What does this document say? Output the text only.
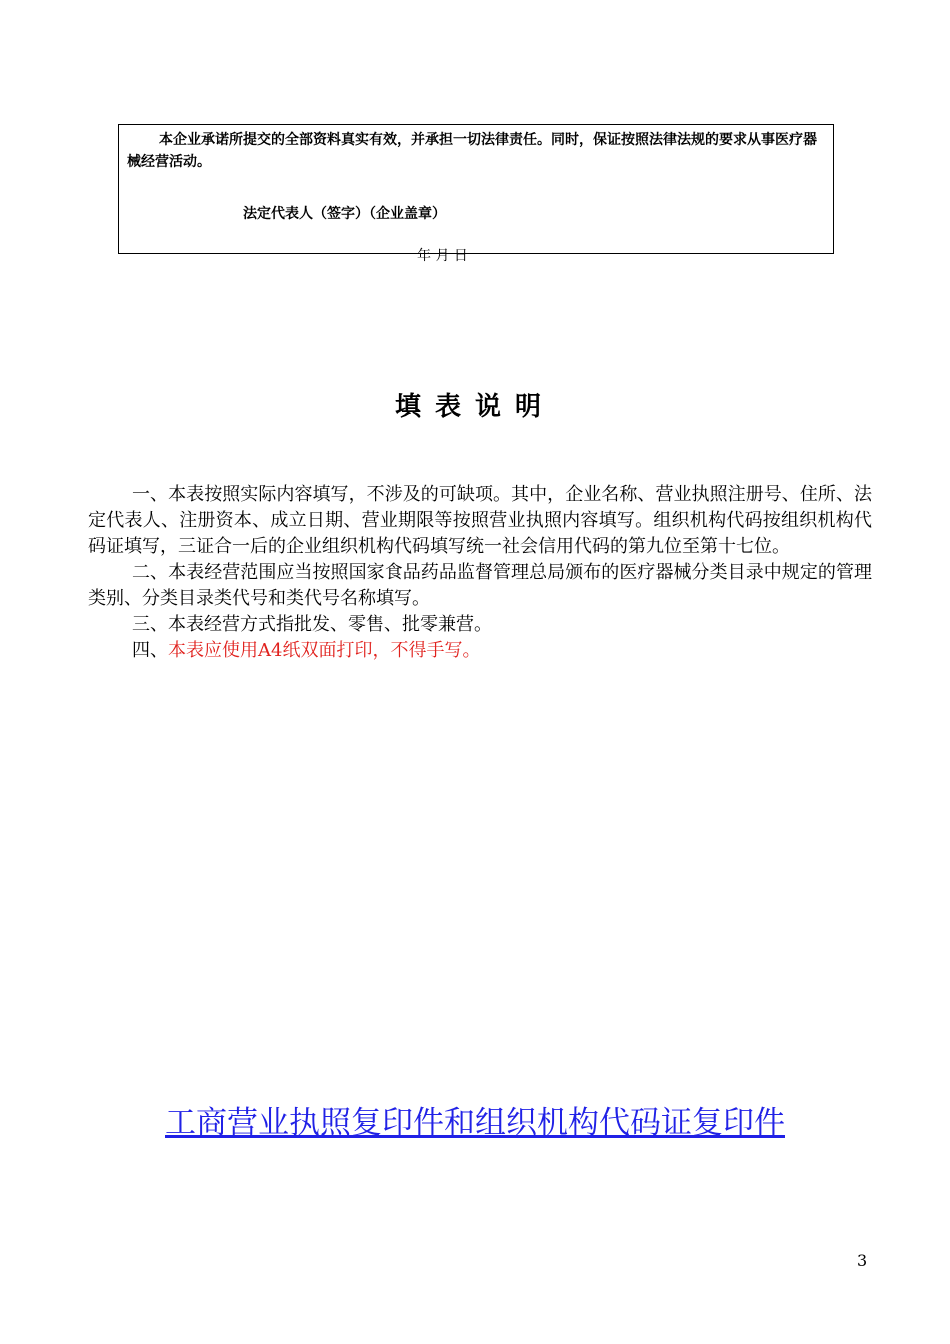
本企业承诺所提交的全部资料真实有效，并承担一切法律责任。同时，保证按照法律法规的要求从事医疗器械经营活动。

法定代表人（签字）（企业盖章）

年 月 日

填表说明

一、本表按照实际内容填写，不涉及的可缺项。其中，企业名称、营业执照注册号、住所、法定代表人、注册资本、成立日期、营业期限等按照营业执照内容填写。组织机构代码按组织机构代码证填写，三证合一后的企业组织机构代码填写统一社会信用代码的第九位至第十七位。

二、本表经营范围应当按照国家食品药品监督管理总局颁布的医疗器械分类目录中规定的管理类别、分类目录类代号和类代号名称填写。

三、本表经营方式指批发、零售、批零兼营。

四、本表应使用A4纸双面打印，不得手写。

工商营业执照复印件和组织机构代码证复印件

3
